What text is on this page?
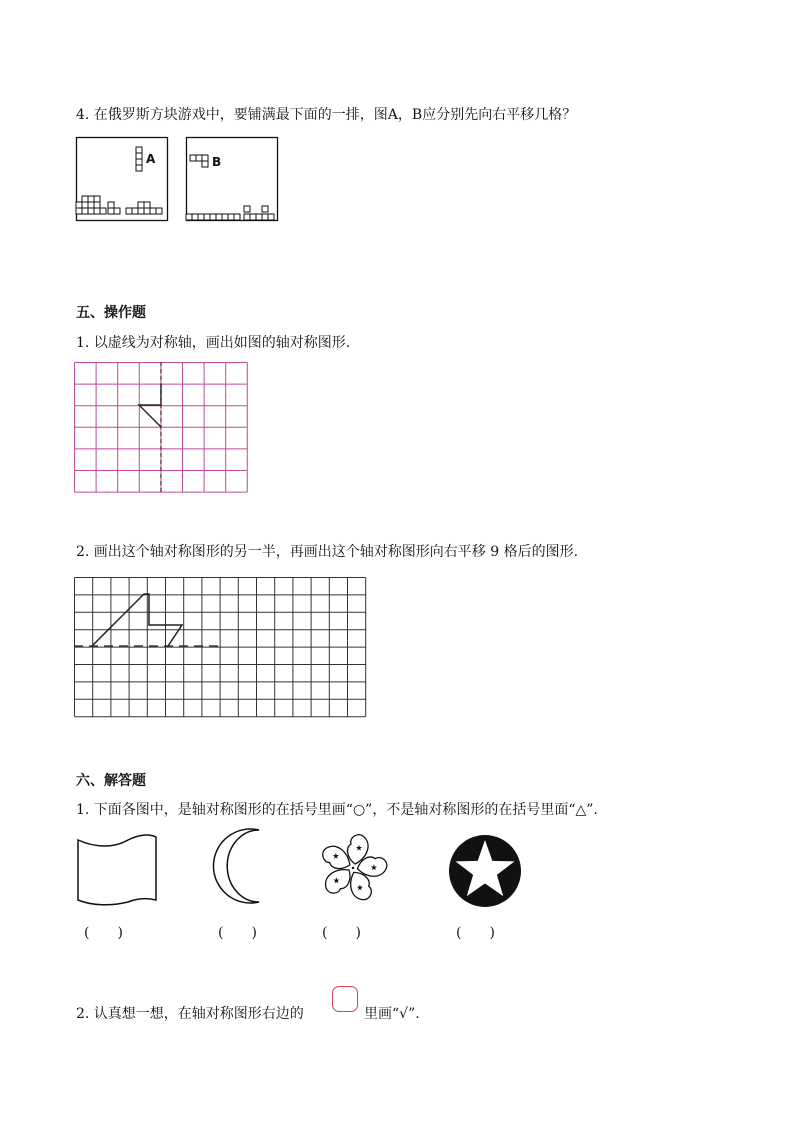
4. 在俄罗斯方块游戏中，要铺满最下面的一排，图A，B应分别先向右平移几格？
A	B
五、操作题
1. 以虚线为对称轴，画出如图的轴对称图形.
2. 画出这个轴对称图形的另一半，再画出这个轴对称图形向右平移 9 格后的图形.
六、解答题
1. 下面各图中，是轴对称图形的在括号里画“○”，不是轴对称图形的在括号里面“△”.
(　　)	(　　)	(　　)	(　　)
2. 认真想一想，在轴对称图形右边的	里画“√”.
